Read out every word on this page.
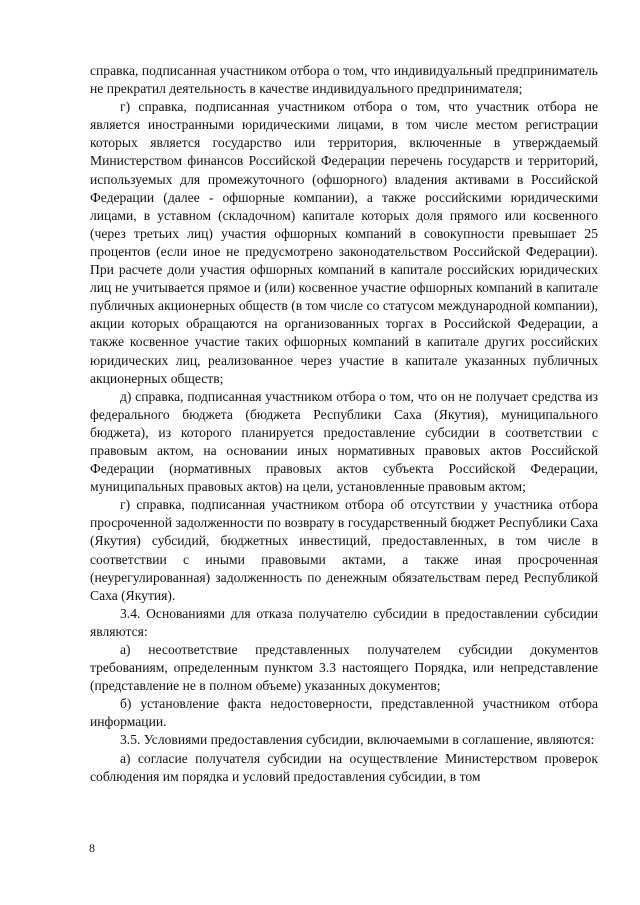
справка, подписанная участником отбора о том, что индивидуальный предприниматель не прекратил деятельность в качестве индивидуального предпринимателя;

г) справка, подписанная участником отбора о том, что участник отбора не является иностранными юридическими лицами, в том числе местом регистрации которых является государство или территория, включенные в утверждаемый Министерством финансов Российской Федерации перечень государств и территорий, используемых для промежуточного (офшорного) владения активами в Российской Федерации (далее - офшорные компании), а также российскими юридическими лицами, в уставном (складочном) капитале которых доля прямого или косвенного (через третьих лиц) участия офшорных компаний в совокупности превышает 25 процентов (если иное не предусмотрено законодательством Российской Федерации). При расчете доли участия офшорных компаний в капитале российских юридических лиц не учитывается прямое и (или) косвенное участие офшорных компаний в капитале публичных акционерных обществ (в том числе со статусом международной компании), акции которых обращаются на организованных торгах в Российской Федерации, а также косвенное участие таких офшорных компаний в капитале других российских юридических лиц, реализованное через участие в капитале указанных публичных акционерных обществ;

д) справка, подписанная участником отбора о том, что он не получает средства из федерального бюджета (бюджета Республики Саха (Якутия), муниципального бюджета), из которого планируется предоставление субсидии в соответствии с правовым актом, на основании иных нормативных правовых актов Российской Федерации (нормативных правовых актов субъекта Российской Федерации, муниципальных правовых актов) на цели, установленные правовым актом;

г) справка, подписанная участником отбора об отсутствии у участника отбора просроченной задолженности по возврату в государственный бюджет Республики Саха (Якутия) субсидий, бюджетных инвестиций, предоставленных, в том числе в соответствии с иными правовыми актами, а также иная просроченная (неурегулированная) задолженность по денежным обязательствам перед Республикой Саха (Якутия).

3.4. Основаниями для отказа получателю субсидии в предоставлении субсидии являются:

а) несоответствие представленных получателем субсидии документов требованиям, определенным пунктом 3.3 настоящего Порядка, или непредставление (представление не в полном объеме) указанных документов;

б) установление факта недостоверности, представленной участником отбора информации.

3.5. Условиями предоставления субсидии, включаемыми в соглашение, являются:

а) согласие получателя субсидии на осуществление Министерством проверок соблюдения им порядка и условий предоставления субсидии, в том

8
